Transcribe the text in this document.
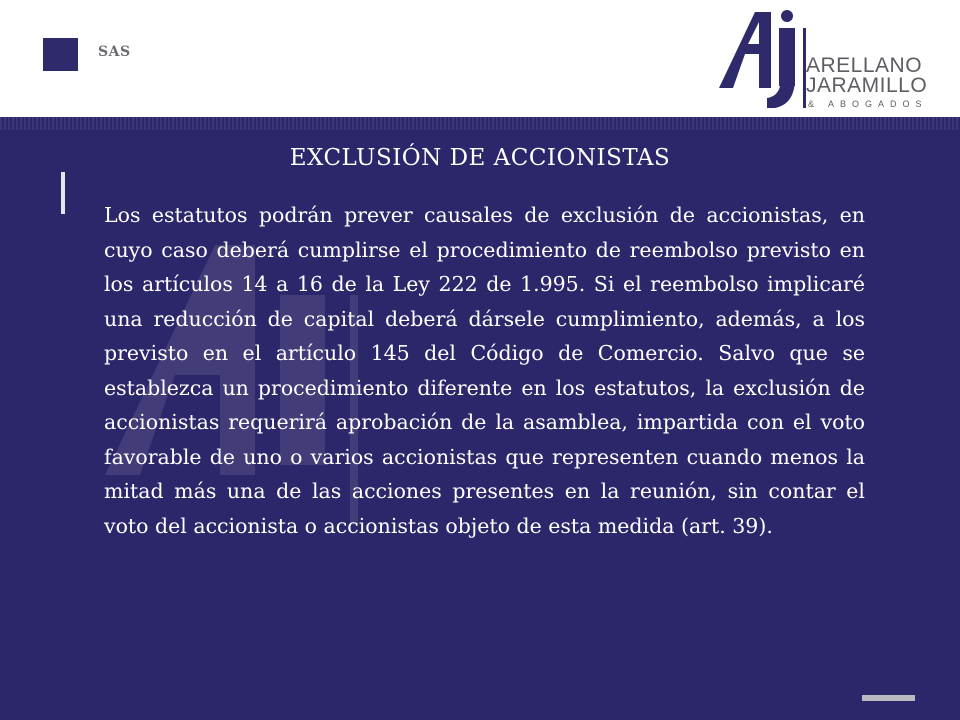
SAS
ARELLANO
JARAMILLO
& ABOGADOS
EXCLUSIÓN DE ACCIONISTAS

Los estatutos podrán prever causales de exclusión de accionistas, en cuyo caso deberá cumplirse el procedimiento de reembolso previsto en los artículos 14 a 16 de la Ley 222 de 1.995. Si el reembolso implicaré una reducción de capital deberá dársele cumplimiento, además, a los previsto en el artículo 145 del Código de Comercio. Salvo que se establezca un procedimiento diferente en los estatutos, la exclusión de accionistas requerirá aprobación de la asamblea, impartida con el voto favorable de uno o varios accionistas que representen cuando menos la mitad más una de las acciones presentes en la reunión, sin contar el voto del accionista o accionistas objeto de esta medida (art. 39).
